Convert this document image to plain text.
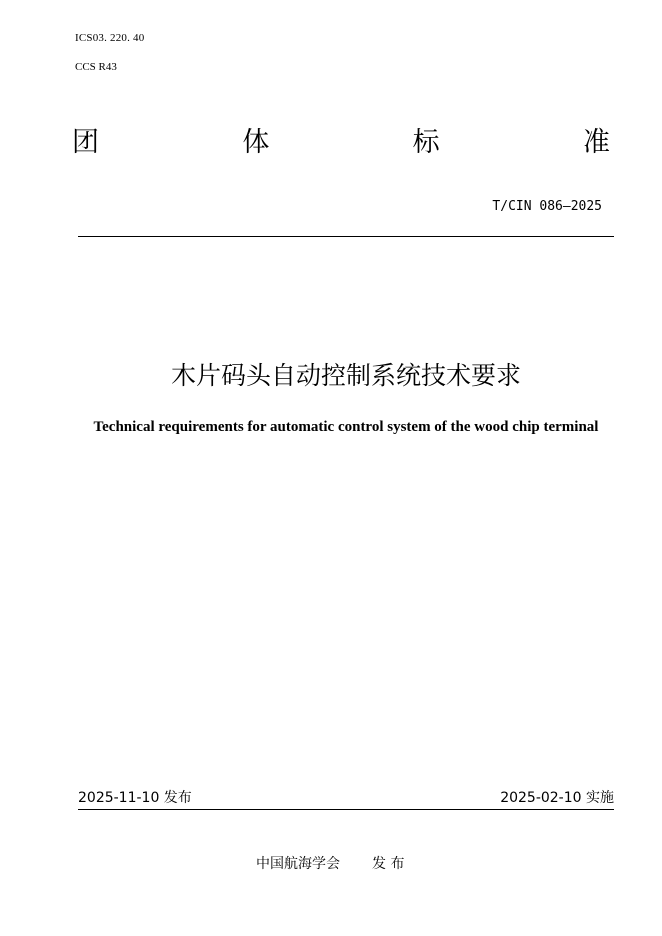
ICS03. 220. 40
CCS R43
团	体	标	准
T/CIN 086—2025
木片码头自动控制系统技术要求
Technical requirements for automatic control system of the wood chip terminal
2025-11-10 发布	2025-02-10 实施
中国航海学会 发 布
